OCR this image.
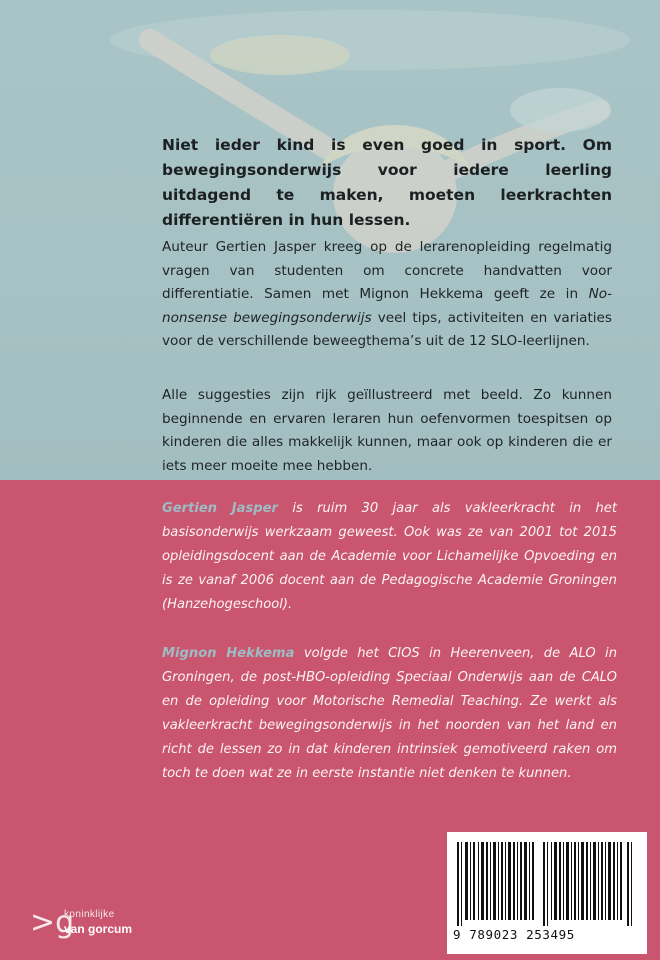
Niet ieder kind is even goed in sport. Om bewegingsonderwijs voor iedere leerling uitdagend te maken, moeten leerkrachten differentiëren in hun lessen.
Auteur Gertien Jasper kreeg op de lerarenopleiding regelmatig vragen van studenten om concrete handvatten voor differentiatie. Samen met Mignon Hekkema geeft ze in No-nonsense bewegingsonderwijs veel tips, activiteiten en variaties voor de verschillende beweegthema’s uit de 12 SLO-leerlijnen.
Alle suggesties zijn rijk geïllustreerd met beeld. Zo kunnen beginnende en ervaren leraren hun oefenvormen toespitsen op kinderen die alles makkelijk kunnen, maar ook op kinderen die er iets meer moeite mee hebben.
Gertien Jasper is ruim 30 jaar als vakleerkracht in het basisonderwijs werkzaam geweest. Ook was ze van 2001 tot 2015 opleidingsdocent aan de Academie voor Lichamelijke Opvoeding en is ze vanaf 2006 docent aan de Pedagogische Academie Groningen (Hanzehogeschool).
Mignon Hekkema volgde het CIOS in Heerenveen, de ALO in Groningen, de post-HBO-opleiding Speciaal Onderwijs aan de CALO en de opleiding voor Motorische Remedial Teaching. Ze werkt als vakleerkracht bewegingsonderwijs in het noorden van het land en richt de lessen zo in dat kinderen intrinsiek gemotiveerd raken om toch te doen wat ze in eerste instantie niet denken te kunnen.
9 789023 253495
>g
koninklijke
van gorcum
